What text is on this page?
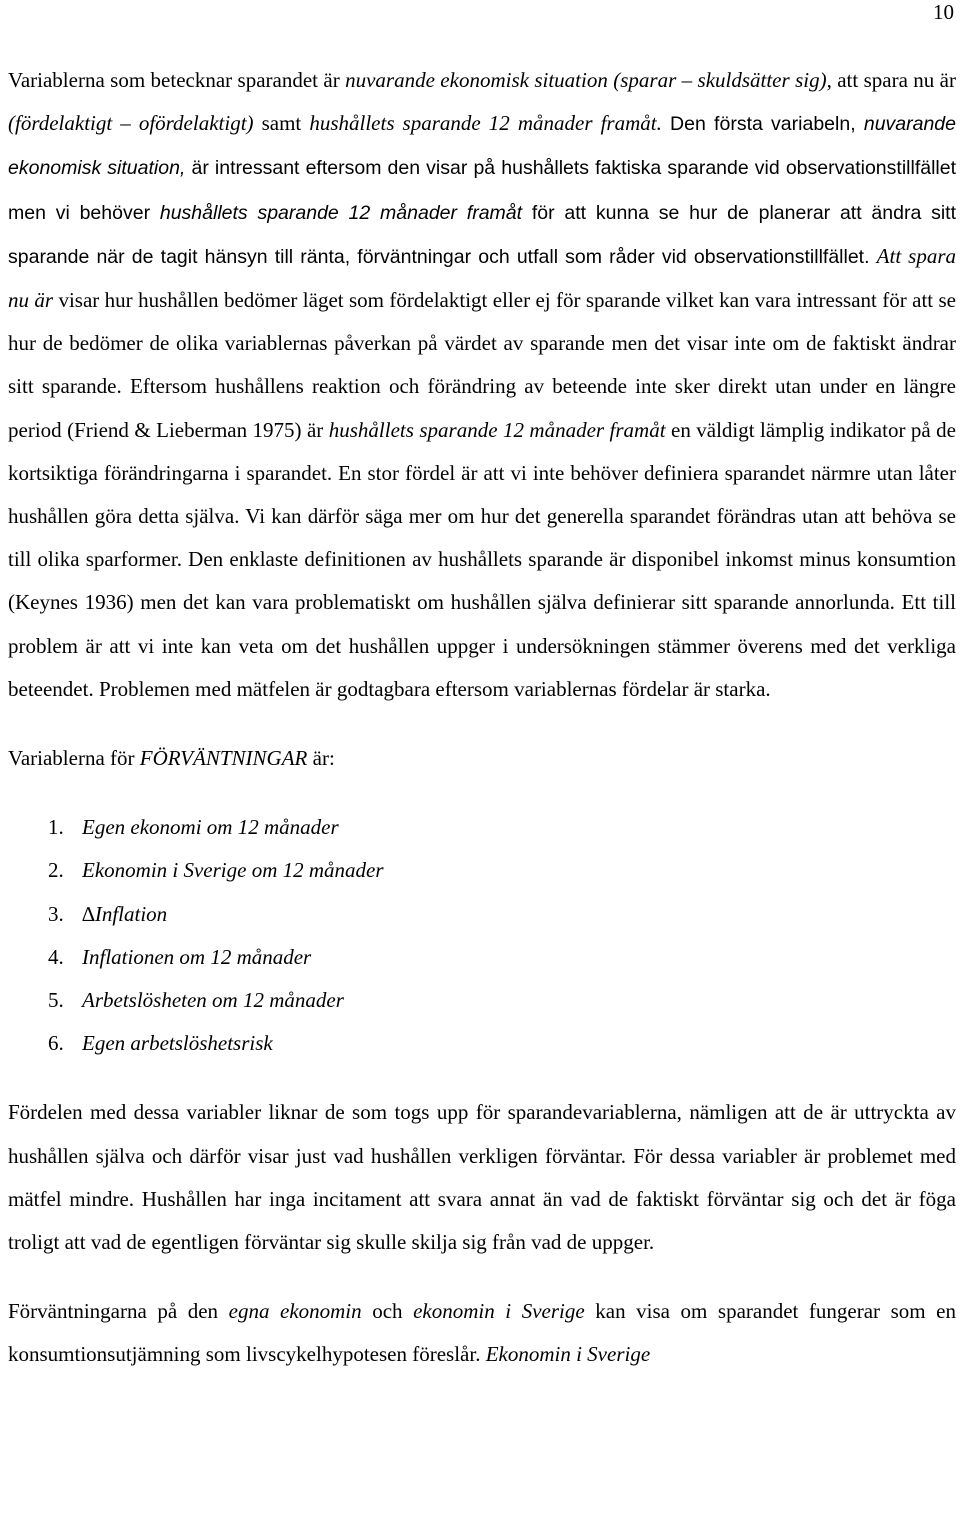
10

Variablerna som betecknar sparandet är nuvarande ekonomisk situation (sparar – skuldsätter sig), att spara nu är (fördelaktigt – ofördelaktigt) samt hushållets sparande 12 månader framåt. Den första variabeln, nuvarande ekonomisk situation, är intressant eftersom den visar på hushållets faktiska sparande vid observationstillfället men vi behöver hushållets sparande 12 månader framåt för att kunna se hur de planerar att ändra sitt sparande när de tagit hänsyn till ränta, förväntningar och utfall som råder vid observationstillfället. Att spara nu är visar hur hushållen bedömer läget som fördelaktigt eller ej för sparande vilket kan vara intressant för att se hur de bedömer de olika variablernas påverkan på värdet av sparande men det visar inte om de faktiskt ändrar sitt sparande. Eftersom hushållens reaktion och förändring av beteende inte sker direkt utan under en längre period (Friend & Lieberman 1975) är hushållets sparande 12 månader framåt en väldigt lämplig indikator på de kortsiktiga förändringarna i sparandet. En stor fördel är att vi inte behöver definiera sparandet närmre utan låter hushållen göra detta själva. Vi kan därför säga mer om hur det generella sparandet förändras utan att behöva se till olika sparformer. Den enklaste definitionen av hushållets sparande är disponibel inkomst minus konsumtion (Keynes 1936) men det kan vara problematiskt om hushållen själva definierar sitt sparande annorlunda. Ett till problem är att vi inte kan veta om det hushållen uppger i undersökningen stämmer överens med det verkliga beteendet. Problemen med mätfelen är godtagbara eftersom variablernas fördelar är starka.

Variablerna för FÖRVÄNTNINGAR är:

1. Egen ekonomi om 12 månader
2. Ekonomin i Sverige om 12 månader
3. ∆Inflation
4. Inflationen om 12 månader
5. Arbetslösheten om 12 månader
6. Egen arbetslöshetsrisk

Fördelen med dessa variabler liknar de som togs upp för sparandevariablerna, nämligen att de är uttryckta av hushållen själva och därför visar just vad hushållen verkligen förväntar. För dessa variabler är problemet med mätfel mindre. Hushållen har inga incitament att svara annat än vad de faktiskt förväntar sig och det är föga troligt att vad de egentligen förväntar sig skulle skilja sig från vad de uppger.

Förväntningarna på den egna ekonomin och ekonomin i Sverige kan visa om sparandet fungerar som en konsumtionsutjämning som livscykelhypotesen föreslår. Ekonomin i Sverige
